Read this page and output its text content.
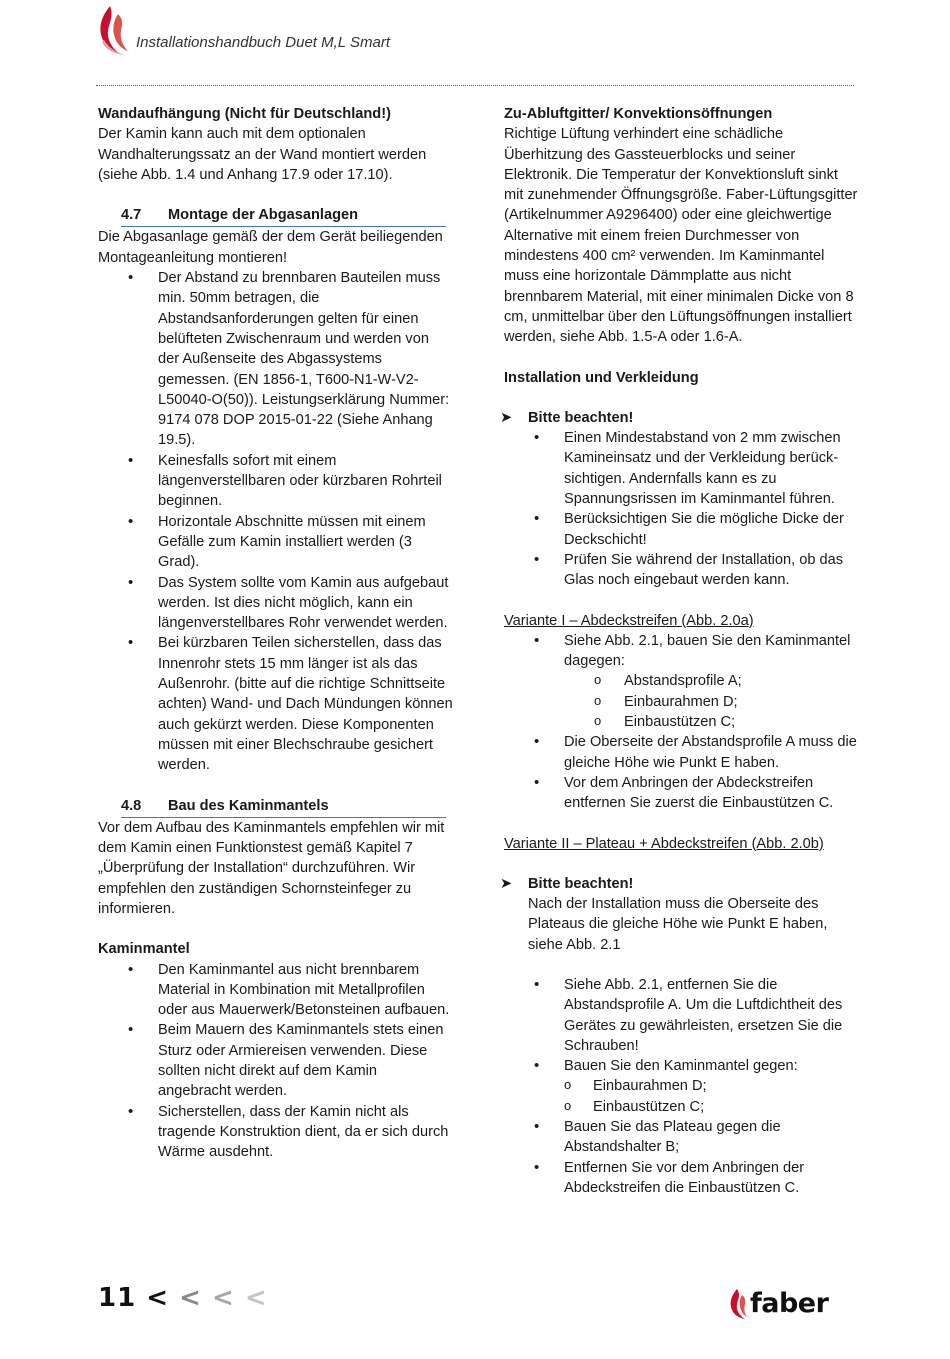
Installationshandbuch Duet M,L Smart

Wandaufhängung (Nicht für Deutschland!)

Der Kamin kann auch mit dem optionalen Wandhalterungssatz an der Wand montiert werden (siehe Abb. 1.4 und Anhang 17.9 oder 17.10).

4.7 Montage der Abgasanlagen

Die Abgasanlage gemäß der dem Gerät beiliegenden Montageanleitung montieren!

• Der Abstand zu brennbaren Bauteilen muss min. 50mm betragen, die Abstandsanforderungen gelten für einen belüfteten Zwischenraum und werden von der Außenseite des Abgassystems gemessen. (EN 1856-1, T600-N1-W-V2-L50040-O(50)). Leistungserklärung Nummer: 9174 078 DOP 2015-01-22 (Siehe Anhang 19.5).
• Keinesfalls sofort mit einem längenverstellbaren oder kürzbaren Rohrteil beginnen.
• Horizontale Abschnitte müssen mit einem Gefälle zum Kamin installiert werden (3 Grad).
• Das System sollte vom Kamin aus aufgebaut werden. Ist dies nicht möglich, kann ein längenverstellbares Rohr verwendet werden.
• Bei kürzbaren Teilen sicherstellen, dass das Innenrohr stets 15 mm länger ist als das Außenrohr. (bitte auf die richtige Schnittseite achten) Wand- und Dach Mündungen können auch gekürzt werden. Diese Komponenten müssen mit einer Blechschraube gesichert werden.

4.8 Bau des Kaminmantels

Vor dem Aufbau des Kaminmantels empfehlen wir mit dem Kamin einen Funktionstest gemäß Kapitel 7 „Überprüfung der Installation“ durchzuführen. Wir empfehlen den zuständigen Schornsteinfeger zu informieren.

Kaminmantel

• Den Kaminmantel aus nicht brennbarem Material in Kombination mit Metallprofilen oder aus Mauerwerk/Betonsteinen aufbauen.
• Beim Mauern des Kaminmantels stets einen Sturz oder Armiereisen verwenden. Diese sollten nicht direkt auf dem Kamin angebracht werden.
• Sicherstellen, dass der Kamin nicht als tragende Konstruktion dient, da er sich durch Wärme ausdehnt.

Zu-Abluftgitter/ Konvektionsöffnungen

Richtige Lüftung verhindert eine schädliche Überhitzung des Gassteuerblocks und seiner Elektronik. Die Temperatur der Konvektionsluft sinkt mit zunehmender Öffnungsgröße. Faber-Lüftungsgitter (Artikelnummer A9296400) oder eine gleichwertige Alternative mit einem freien Durchmesser von mindestens 400 cm² verwenden. Im Kaminmantel muss eine horizontale Dämmplatte aus nicht brennbarem Material, mit einer minimalen Dicke von 8 cm, unmittelbar über den Lüftungsöffnungen installiert werden, siehe Abb. 1.5-A oder 1.6-A.

Installation und Verkleidung

➤ Bitte beachten!

• Einen Mindestabstand von 2 mm zwischen Kamineinsatz und der Verkleidung berück-sichtigen. Andernfalls kann es zu Spannungsrissen im Kaminmantel führen.
• Berücksichtigen Sie die mögliche Dicke der Deckschicht!
• Prüfen Sie während der Installation, ob das Glas noch eingebaut werden kann.

Variante I – Abdeckstreifen (Abb. 2.0a)

• Siehe Abb. 2.1, bauen Sie den Kaminmantel dagegen:
o Abstandsprofile A;
o Einbaurahmen D;
o Einbaustützen C;
• Die Oberseite der Abstandsprofile A muss die gleiche Höhe wie Punkt E haben.
• Vor dem Anbringen der Abdeckstreifen entfernen Sie zuerst die Einbaustützen C.

Variante II – Plateau + Abdeckstreifen (Abb. 2.0b)

➤ Bitte beachten!

Nach der Installation muss die Oberseite des Plateaus die gleiche Höhe wie Punkt E haben, siehe Abb. 2.1

• Siehe Abb. 2.1, entfernen Sie die Abstandsprofile A. Um die Luftdichtheit des Gerätes zu gewährleisten, ersetzen Sie die Schrauben!
• Bauen Sie den Kaminmantel gegen:
o Einbaurahmen D;
o Einbaustützen C;
• Bauen Sie das Plateau gegen die Abstandshalter B;
• Entfernen Sie vor dem Anbringen der Abdeckstreifen die Einbaustützen C.
11 < < < <	faber
